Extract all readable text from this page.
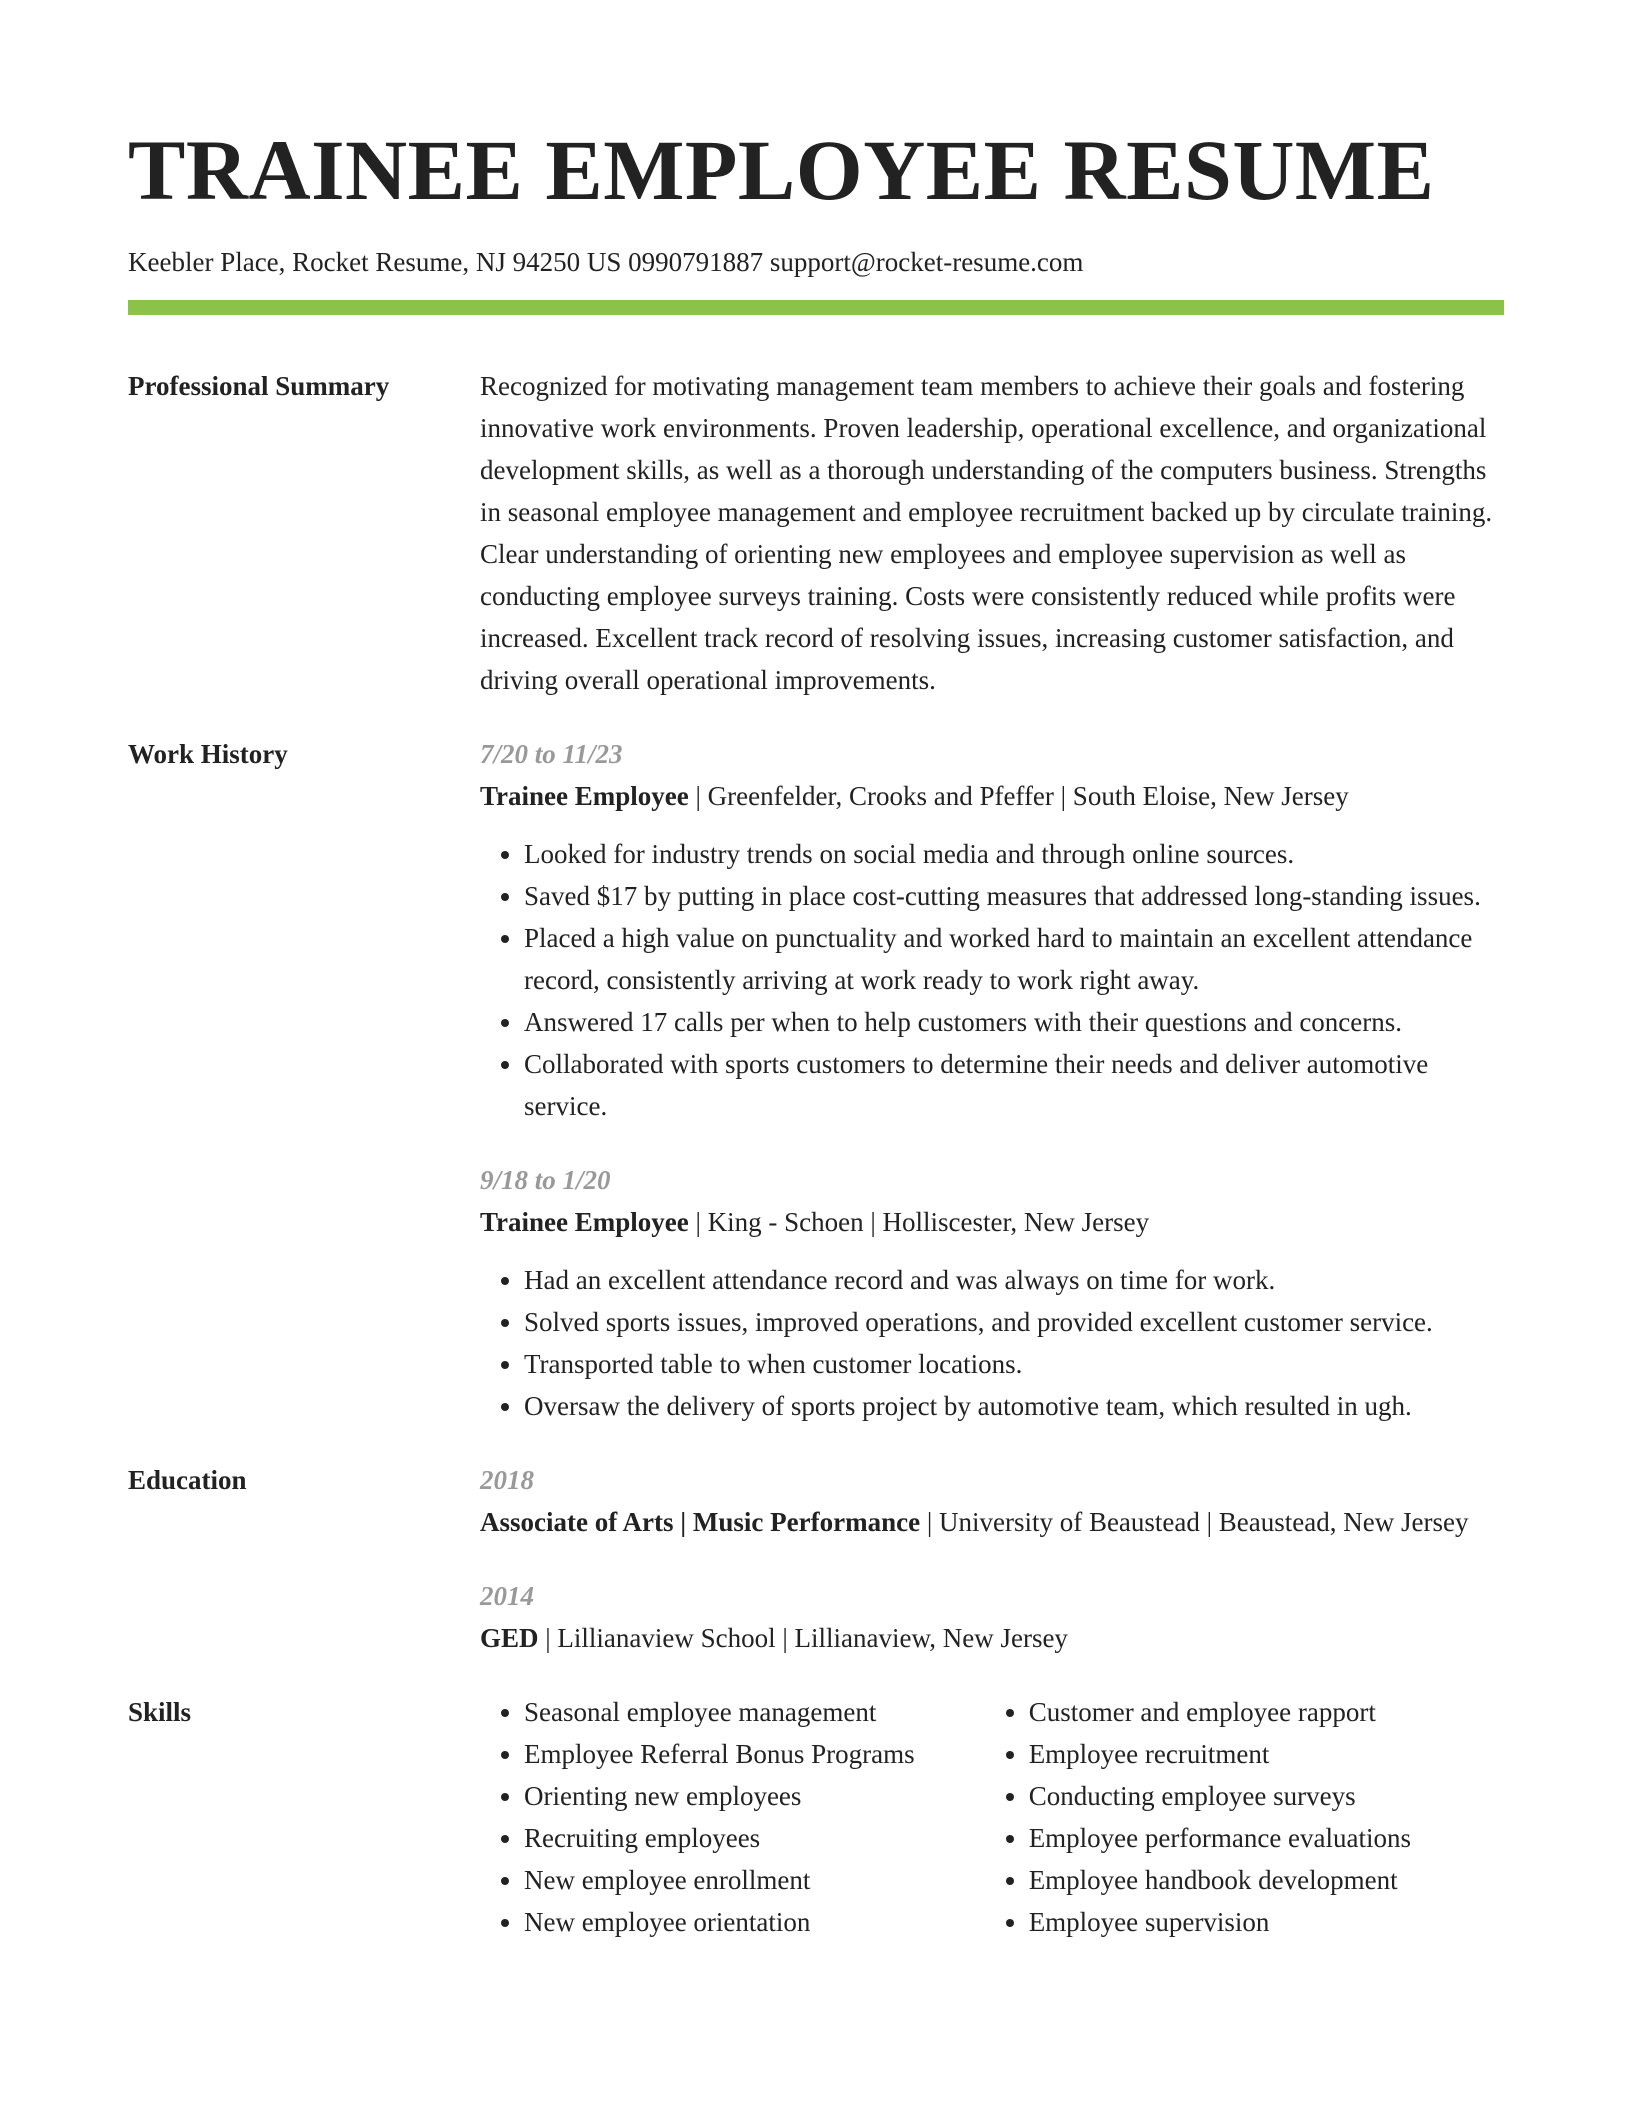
TRAINEE EMPLOYEE RESUME
Keebler Place, Rocket Resume, NJ 94250 US 0990791887 support@rocket-resume.com
Professional Summary	Recognized for motivating management team members to achieve their goals and fostering innovative work environments. Proven leadership, operational excellence, and organizational development skills, as well as a thorough understanding of the computers business. Strengths in seasonal employee management and employee recruitment backed up by circulate training. Clear understanding of orienting new employees and employee supervision as well as conducting employee surveys training. Costs were consistently reduced while profits were increased. Excellent track record of resolving issues, increasing customer satisfaction, and driving overall operational improvements.
Work History	7/20 to 11/23
Trainee Employee | Greenfelder, Crooks and Pfeffer | South Eloise, New Jersey
• Looked for industry trends on social media and through online sources.
• Saved $17 by putting in place cost-cutting measures that addressed long-standing issues.
• Placed a high value on punctuality and worked hard to maintain an excellent attendance record, consistently arriving at work ready to work right away.
• Answered 17 calls per when to help customers with their questions and concerns.
• Collaborated with sports customers to determine their needs and deliver automotive service.
9/18 to 1/20
Trainee Employee | King - Schoen | Holliscester, New Jersey
• Had an excellent attendance record and was always on time for work.
• Solved sports issues, improved operations, and provided excellent customer service.
• Transported table to when customer locations.
• Oversaw the delivery of sports project by automotive team, which resulted in ugh.
Education	2018
Associate of Arts | Music Performance | University of Beaustead | Beaustead, New Jersey
2014
GED | Lillianaview School | Lillianaview, New Jersey
Skills
•	Seasonal employee management
• Employee Referral Bonus Programs
• Orienting new employees
• Recruiting employees
• New employee enrollment
• New employee orientation
• Customer and employee rapport
• Employee recruitment
• Conducting employee surveys
• Employee performance evaluations
• Employee handbook development
• Employee supervision
